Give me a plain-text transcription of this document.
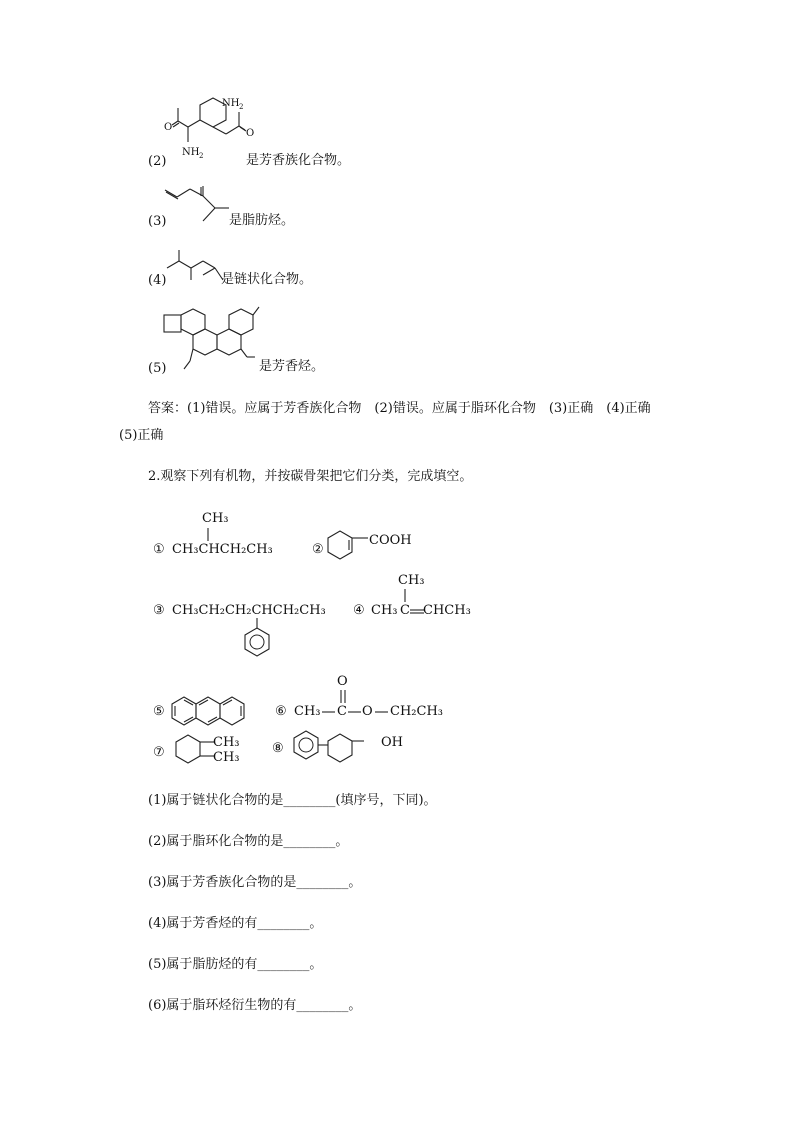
NH 2
O
O
NH 2
(2)	是芳香族化合物。
(3)	是脂肪烃。
(4)	是链状化合物。
(5)	是芳香烃。
答案：(1)错误。应属于芳香族化合物　(2)错误。应属于脂环化合物　(3)正确　(4)正确
(5)正确
2.观察下列有机物，并按碳骨架把它们分类，完成填空。
① CH₃CHCH₂CH₃
CH₃
②
COOH
③ CH₃CH₂CH₂CHCH₂CH₃ ④ CH₃ C CHCH₃
CH₃
⑤	⑥ CH₃ C
O
O CH₂CH₃
⑦
CH₃
CH₃
⑧	OH
(1)属于链状化合物的是________(填序号，下同)。
(2)属于脂环化合物的是________。
(3)属于芳香族化合物的是________。
(4)属于芳香烃的有________。
(5)属于脂肪烃的有________。
(6)属于脂环烃衍生物的有________。
